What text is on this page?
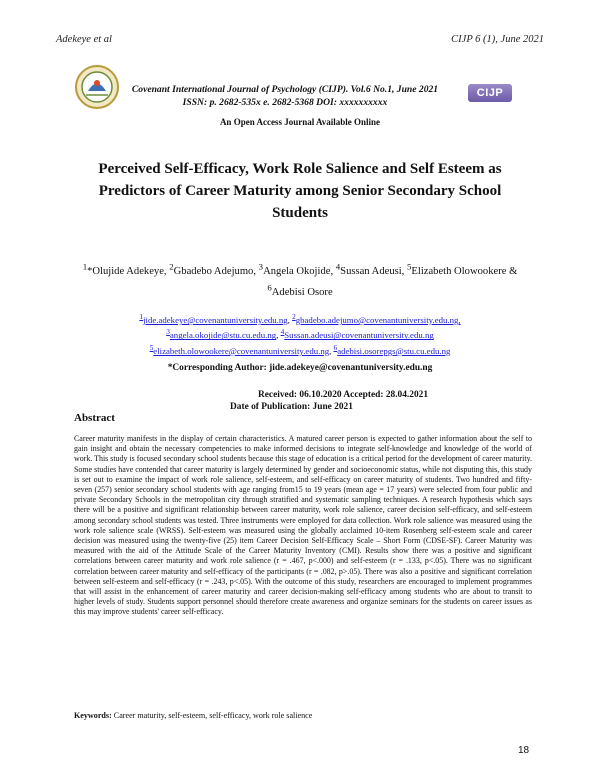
Adekeye et al	CIJP 6 (1), June 2021
Covenant International Journal of Psychology (CIJP). Vol.6 No.1, June 2021
ISSN: p. 2682-535x e. 2682-5368 DOI: xxxxxxxxxx
CIJP
An Open Access Journal Available Online
Perceived Self-Efficacy, Work Role Salience and Self Esteem as Predictors of Career Maturity among Senior Secondary School Students
$^1$*Olujide Adekeye, $^2$Gbadebo Adejumo, $^3$Angela Okojide, $^4$Sussan Adeusi, $^5$Elizabeth Olowookere & $^6$Adebisi Osore
$^1$jide.adekeye@covenantuniversity.edu.ng, $^2$gbadebo.adejumo@covenantuniversity.edu.ng,
$^3$angela.okojide@stu.cu.edu.ng, $^4$Sussan.adeusi@covenantuniversity.edu.ng
$^5$elizabeth.olowookere@covenantuniversity.edu.ng, $^6$adebisi.osorepgs@stu.cu.edu.ng
*Corresponding Author: jide.adekeye@covenantuniversity.edu.ng
Received: 06.10.2020 Accepted: 28.04.2021
Date of Publication: June 2021
Abstract

Career maturity manifests in the display of certain characteristics. A matured career person is expected to gather information about the self to gain insight and obtain the necessary competencies to make informed decisions to integrate self-knowledge and knowledge of the world of work. This study is focused secondary school students because this stage of education is a critical period for the development of career maturity. Some studies have contended that career maturity is largely determined by gender and socioeconomic status, while not disputing this, this study is set out to examine the impact of work role salience, self-esteem, and self-efficacy on career maturity of students. Two hundred and fifty-seven (257) senior secondary school students with age ranging from15 to 19 years (mean age = 17 years) were selected from four public and private Secondary Schools in the metropolitan city through stratified and systematic sampling techniques. A research hypothesis which says there will be a positive and significant relationship between career maturity, work role salience, career decision self-efficacy, and self-esteem among secondary school students was tested. Three instruments were employed for data collection. Work role salience was measured using the work role salience scale (WRSS). Self-esteem was measured using the globally acclaimed 10-item Rosenberg self-esteem scale and career decision was measured using the twenty-five (25) item Career Decision Self-Efficacy Scale – Short Form (CDSE-SF). Career Maturity was measured with the aid of the Attitude Scale of the Career Maturity Inventory (CMI). Results show there was a positive and significant correlations between career maturity and work role salience (r = .467, p<.000) and self-esteem (r = .133, p<.05). There was no significant correlation between career maturity and self-efficacy of the participants (r = .082, p>.05). There was also a positive and significant correlation between self-esteem and self-efficacy (r = .243, p<.05). With the outcome of this study, researchers are encouraged to implement programmes that will assist in the enhancement of career maturity and career decision-making self-efficacy among students who are about to transit to higher levels of study. Students support personnel should therefore create awareness and organize seminars for the students on career issues as this may improve students' career self-efficacy.

Keywords: Career maturity, self-esteem, self-efficacy, work role salience
18
